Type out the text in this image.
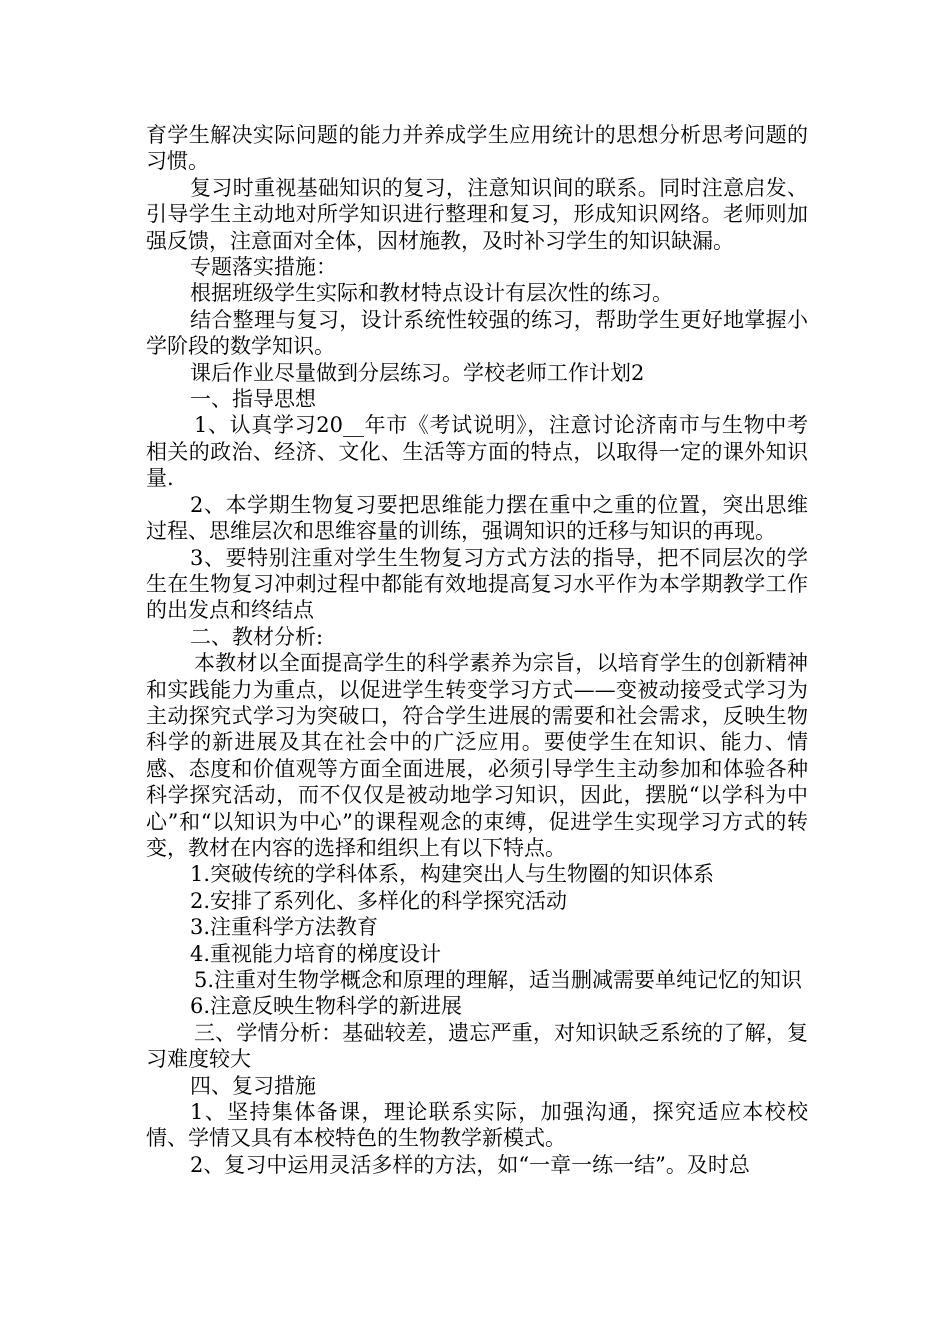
育学生解决实际问题的能力并养成学生应用统计的思想分析思考问题的习惯。

复习时重视基础知识的复习，注意知识间的联系。同时注意启发、引导学生主动地对所学知识进行整理和复习，形成知识网络。老师则加强反馈，注意面对全体，因材施教，及时补习学生的知识缺漏。

专题落实措施：

根据班级学生实际和教材特点设计有层次性的练习。

结合整理与复习，设计系统性较强的练习，帮助学生更好地掌握小学阶段的数学知识。

课后作业尽量做到分层练习。学校老师工作计划2

一、指导思想

1、认真学习20__年市《考试说明》，注意讨论济南市与生物中考相关的政治、经济、文化、生活等方面的特点，以取得一定的课外知识量.

2、本学期生物复习要把思维能力摆在重中之重的位置，突出思维过程、思维层次和思维容量的训练，强调知识的迁移与知识的再现。

3、要特别注重对学生生物复习方式方法的指导，把不同层次的学生在生物复习冲刺过程中都能有效地提高复习水平作为本学期教学工作的出发点和终结点

二、教材分析:

本教材以全面提高学生的科学素养为宗旨，以培育学生的创新精神和实践能力为重点，以促进学生转变学习方式——变被动接受式学习为主动探究式学习为突破口，符合学生进展的需要和社会需求，反映生物科学的新进展及其在社会中的广泛应用。要使学生在知识、能力、情感、态度和价值观等方面全面进展，必须引导学生主动参加和体验各种科学探究活动，而不仅仅是被动地学习知识，因此，摆脱“以学科为中心”和“以知识为中心”的课程观念的束缚，促进学生实现学习方式的转变，教材在内容的选择和组织上有以下特点。

1.突破传统的学科体系，构建突出人与生物圈的知识体系

2.安排了系列化、多样化的科学探究活动

3.注重科学方法教育

4.重视能力培育的梯度设计

5.注重对生物学概念和原理的理解，适当删减需要单纯记忆的知识

6.注意反映生物科学的新进展

三、学情分析：基础较差，遗忘严重，对知识缺乏系统的了解，复习难度较大

四、复习措施

1、坚持集体备课，理论联系实际，加强沟通，探究适应本校校情、学情又具有本校特色的生物教学新模式。

2、复习中运用灵活多样的方法，如“一章一练一结”。及时总
